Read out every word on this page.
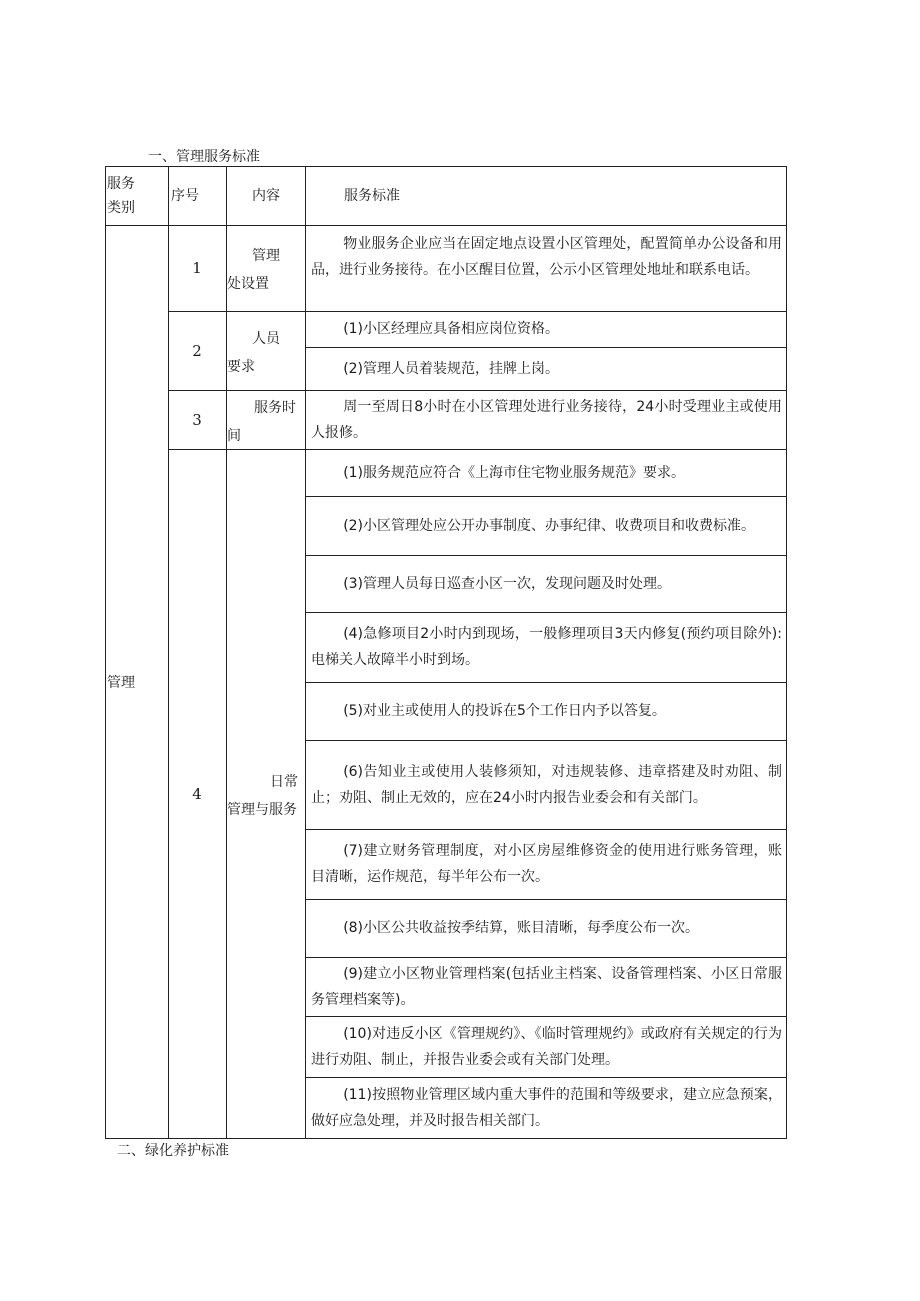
一、管理服务标准
服务
类别
序号	内容	服务标准
管理
1
管理
处设置
物业服务企业应当在固定地点设置小区管理处，配置简单办公设备和用品，进行业务接待。在小区醒目位置，公示小区管理处地址和联系电话。
2
人员
要求
(1)小区经理应具备相应岗位资格。
(2)管理人员着装规范，挂牌上岗。
3
服务时
间
周一至周日8小时在小区管理处进行业务接待，24小时受理业主或使用人报修。
4
日常
管理与服务
(1)服务规范应符合《上海市住宅物业服务规范》要求。
(2)小区管理处应公开办事制度、办事纪律、收费项目和收费标准。
(3)管理人员每日巡查小区一次，发现问题及时处理。
(4)急修项目2小时内到现场，一般修理项目3天内修复(预约项目除外):电梯关人故障半小时到场。
(5)对业主或使用人的投诉在5个工作日内予以答复。
(6)告知业主或使用人装修须知，对违规装修、违章搭建及时劝阻、制止；劝阻、制止无效的，应在24小时内报告业委会和有关部门。
(7)建立财务管理制度，对小区房屋维修资金的使用进行账务管理，账目清晰，运作规范，每半年公布一次。
(8)小区公共收益按季结算，账目清晰，每季度公布一次。
(9)建立小区物业管理档案(包括业主档案、设备管理档案、小区日常服务管理档案等)。
(10)对违反小区《管理规约》、《临时管理规约》或政府有关规定的行为进行劝阻、制止，并报告业委会或有关部门处理。
(11)按照物业管理区域内重大事件的范围和等级要求，建立应急预案，做好应急处理，并及时报告相关部门。
二、绿化养护标准
